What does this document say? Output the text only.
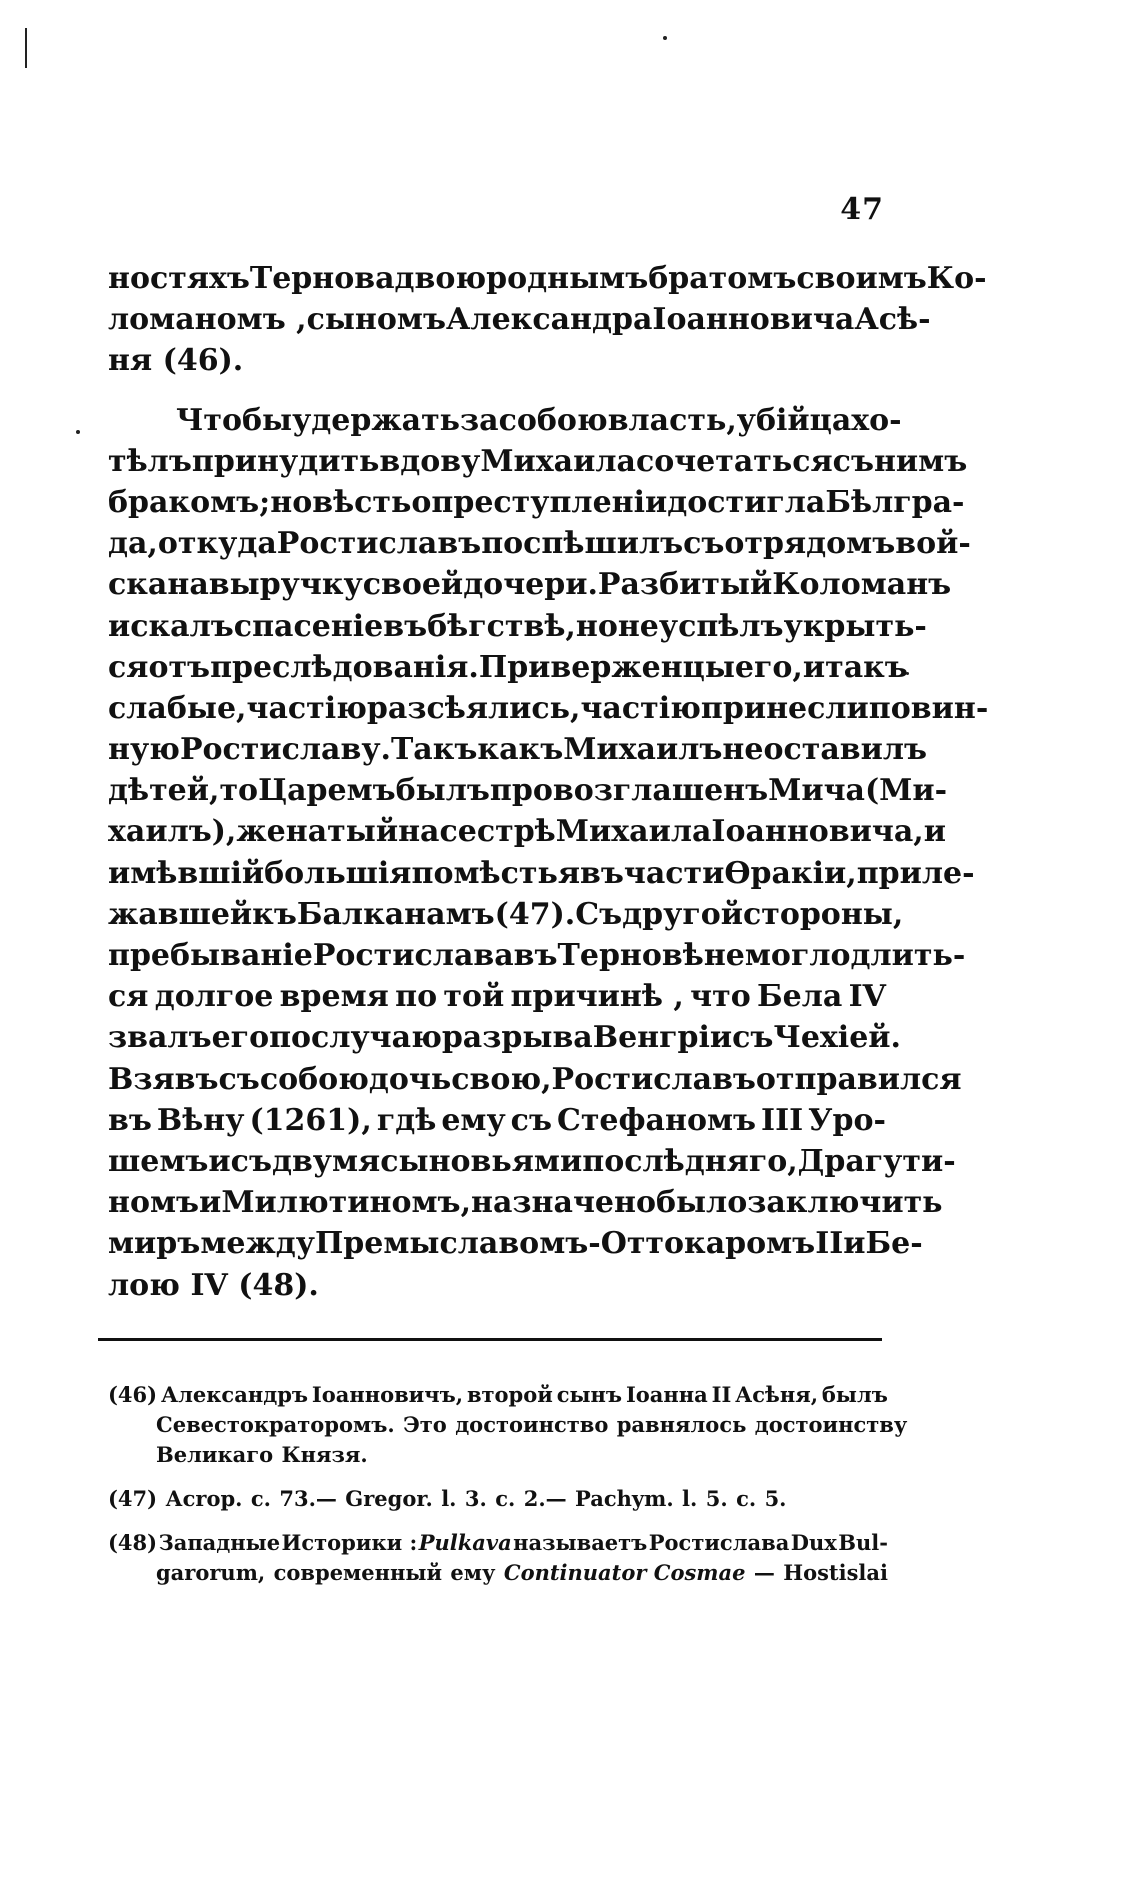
47
ностяхъ Тернова двоюроднымъ братомъ своимъ Ко-
ломаномъ , сыномъ Александра Іоанновича Асѣ-
ня (46).
Чтобы удержать за собою власть, убійца хо-
тѣлъ принудить вдову Михаила сочетаться съ нимъ
бракомъ; но вѣсть о преступленіи достигла Бѣлгра-
да, откуда Ростиславъ поспѣшилъ съ отрядомъ вой-
ска на выручку своей дочери. Разбитый Коломанъ
искалъ спасеніе въ бѣгствѣ, но не успѣлъ укрыть-
ся отъ преслѣдованія. Приверженцы его, и такъ
слабые, частію разсѣялись, частію принесли повин-
ную Ростиславу. Такъ какъ Михаилъ не оставилъ
дѣтей, то Царемъ былъ провозглашенъ Мича (Ми-
хаилъ), женатый на сестрѣ Михаила Іоанновича, и
имѣвшій большія помѣстья въ части Ѳракіи, приле-
жавшей къ Балканамъ (47). Съ другой стороны,
пребываніе Ростислава въ Терновѣ не могло длить-
ся долгое время по той причинѣ , что Бела IV
звалъ его по случаю разрыва Венгріи съ Чехіей.
Взявъ съ собою дочь свою, Ростиславъ отправился
въ Вѣну (1261), гдѣ ему съ Стефаномъ III Уро-
шемъ и съ двумя сыновьями послѣдняго, Драгути-
номъ и Милютиномъ, назначено было заключить
миръ между Премыславомъ-Оттокаромъ II и Бе-
лою IV (48).
(46) Александръ Іоанновичъ, второй сынъ Іоанна II Асѣня, былъ
Севестократоромъ. Это достоинство равнялось достоинству
Великаго Князя.
(47) Асrop. c. 73.— Gregor. l. 3. c. 2.— Pachym. l. 5. c. 5.
(48) Западные Историки : Pulkava называетъ Ростислава Dux Bul-
garorum, современный ему Continuator Cosmae — Hostislai
